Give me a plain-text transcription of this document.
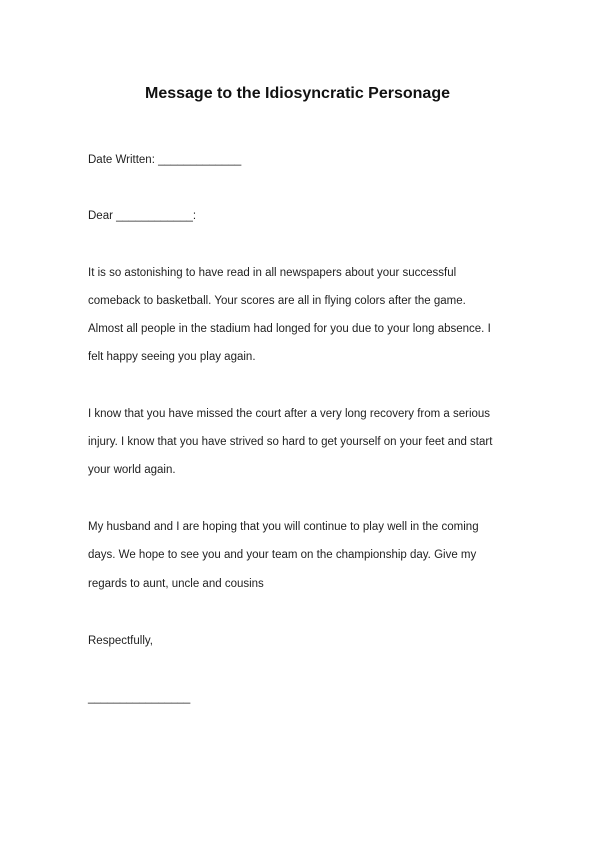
Message to the Idiosyncratic Personage
Date Written: _____________
Dear ____________:
It is so astonishing to have read in all newspapers about your successful
comeback to basketball. Your scores are all in flying colors after the game.
Almost all people in the stadium had longed for you due to your long absence. I
felt happy seeing you play again.
I know that you have missed the court after a very long recovery from a serious
injury. I know that you have strived so hard to get yourself on your feet and start
your world again.
My husband and I are hoping that you will continue to play well in the coming
days. We hope to see you and your team on the championship day. Give my
regards to aunt, uncle and cousins
Respectfully,
________________
